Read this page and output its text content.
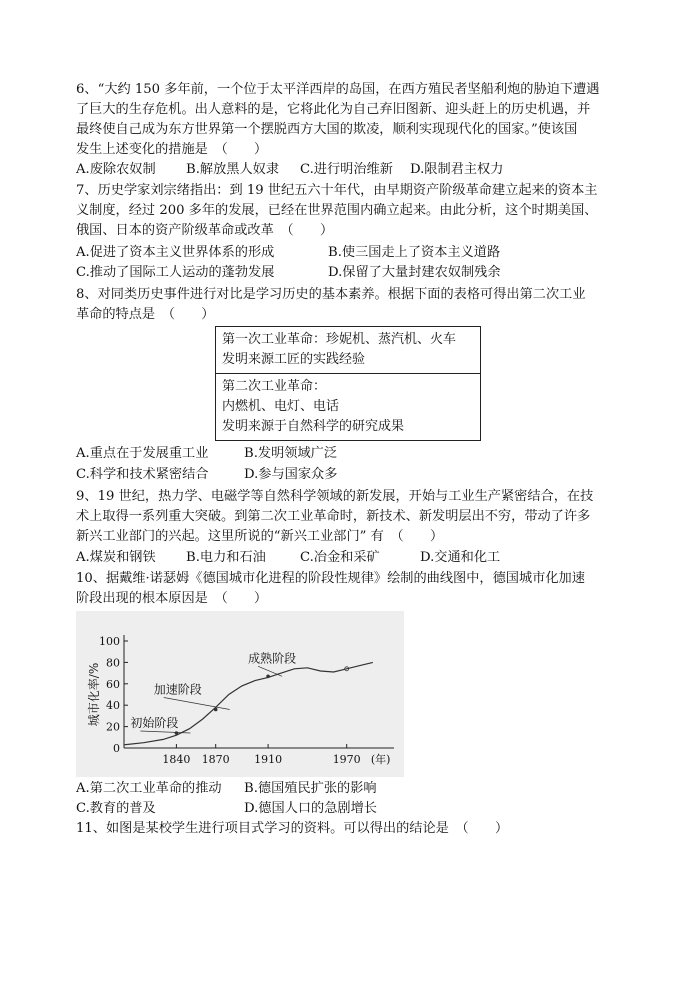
6、“大约 150 多年前，一个位于太平洋西岸的岛国，在西方殖民者坚船利炮的胁迫下遭遇
了巨大的生存危机。出人意料的是，它将此化为自己弃旧图新、迎头赶上的历史机遇，并
最终使自己成为东方世界第一个摆脱西方大国的欺凌，顺利实现现代化的国家。”使该国
发生上述变化的措施是　（　　）
A.废除农奴制	B.解放黑人奴隶	C.进行明治维新	D.限制君主权力
7、历史学家刘宗绪指出：到 19 世纪五六十年代，由早期资产阶级革命建立起来的资本主
义制度，经过 200 多年的发展，已经在世界范围内确立起来。由此分析，这个时期美国、
俄国、日本的资产阶级革命或改革　（　　）
A.促进了资本主义世界体系的形成	B.使三国走上了资本主义道路
C.推动了国际工人运动的蓬勃发展	D.保留了大量封建农奴制残余
8、对同类历史事件进行对比是学习历史的基本素养。根据下面的表格可得出第二次工业
革命的特点是　（　　）
第一次工业革命：珍妮机、蒸汽机、火车
发明来源工匠的实践经验

第二次工业革命：
内燃机、电灯、电话
发明来源于自然科学的研究成果
A.重点在于发展重工业	B.发明领域广泛
C.科学和技术紧密结合	D.参与国家众多
9、19 世纪，热力学、电磁学等自然科学领域的新发展，开始与工业生产紧密结合，在技
术上取得一系列重大突破。到第二次工业革命时，新技术、新发明层出不穷，带动了许多
新兴工业部门的兴起。这里所说的“新兴工业部门” 有　（　　）
A.煤炭和钢铁	B.电力和石油	C.冶金和采矿	D.交通和化工
10、据戴维·诺瑟姆《德国城市化进程的阶段性规律》绘制的曲线图中，德国城市化加速
阶段出现的根本原因是　（　　）
0
20
40
60
80
100
城市化率/%
1840 1870 1910	1970 (年)
初始阶段
加速阶段
成熟阶段
A.第二次工业革命的推动	B.德国殖民扩张的影响
C.教育的普及	D.德国人口的急剧增长
11、如图是某校学生进行项目式学习的资料。可以得出的结论是　（　　）
